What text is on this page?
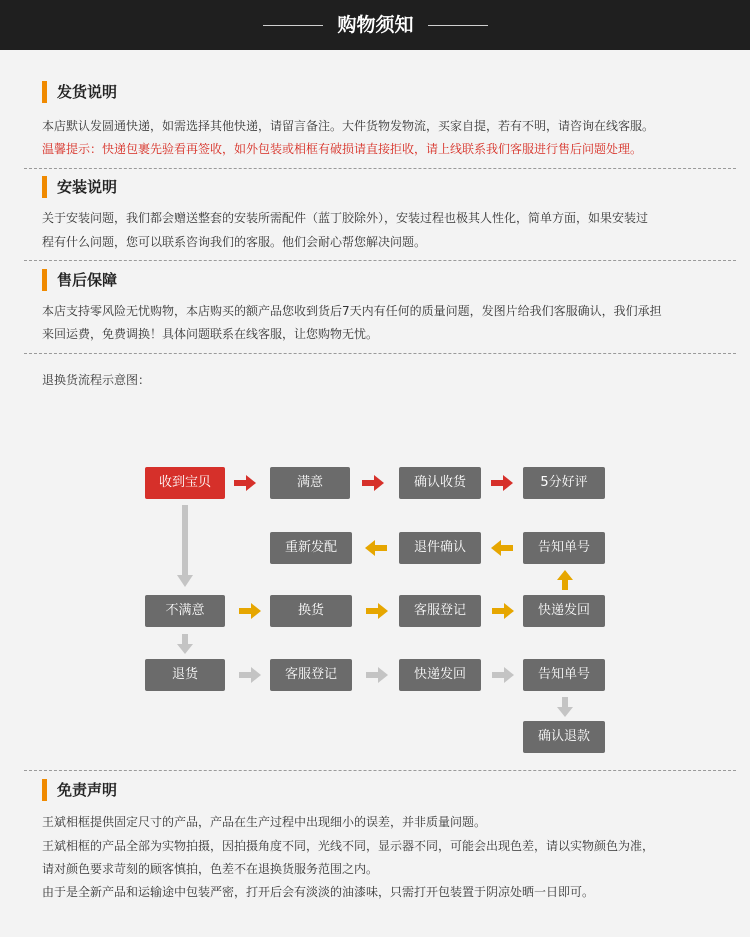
购物须知
发货说明
本店默认发圆通快递，如需选择其他快递，请留言备注。大件货物发物流，买家自提，若有不明，请咨询在线客服。
温馨提示：快递包裹先验看再签收，如外包装或相框有破损请直接拒收，请上线联系我们客服进行售后问题处理。
安装说明
关于安装问题，我们都会赠送整套的安装所需配件（蓝丁胶除外），安装过程也极其人性化，简单方面，如果安装过
程有什么问题，您可以联系咨询我们的客服。他们会耐心帮您解决问题。
售后保障
本店支持零风险无忧购物，本店购买的额产品您收到货后7天内有任何的质量问题，发图片给我们客服确认，我们承担
来回运费，免费调换！具体问题联系在线客服，让您购物无忧。
退换货流程示意图：
收到宝贝	满意	确认收货	5分好评
重新发配	退件确认	告知单号
不满意	换货	客服登记	快递发回
退货	客服登记	快递发回	告知单号
确认退款
免责声明
王斌相框提供固定尺寸的产品，产品在生产过程中出现细小的误差，并非质量问题。
王斌相框的产品全部为实物拍摄，因拍摄角度不同，光线不同，显示器不同，可能会出现色差，请以实物颜色为准，
请对颜色要求苛刻的顾客慎拍，色差不在退换货服务范围之内。
由于是全新产品和运输途中包装严密，打开后会有淡淡的油漆味，只需打开包装置于阴凉处晒一日即可。
